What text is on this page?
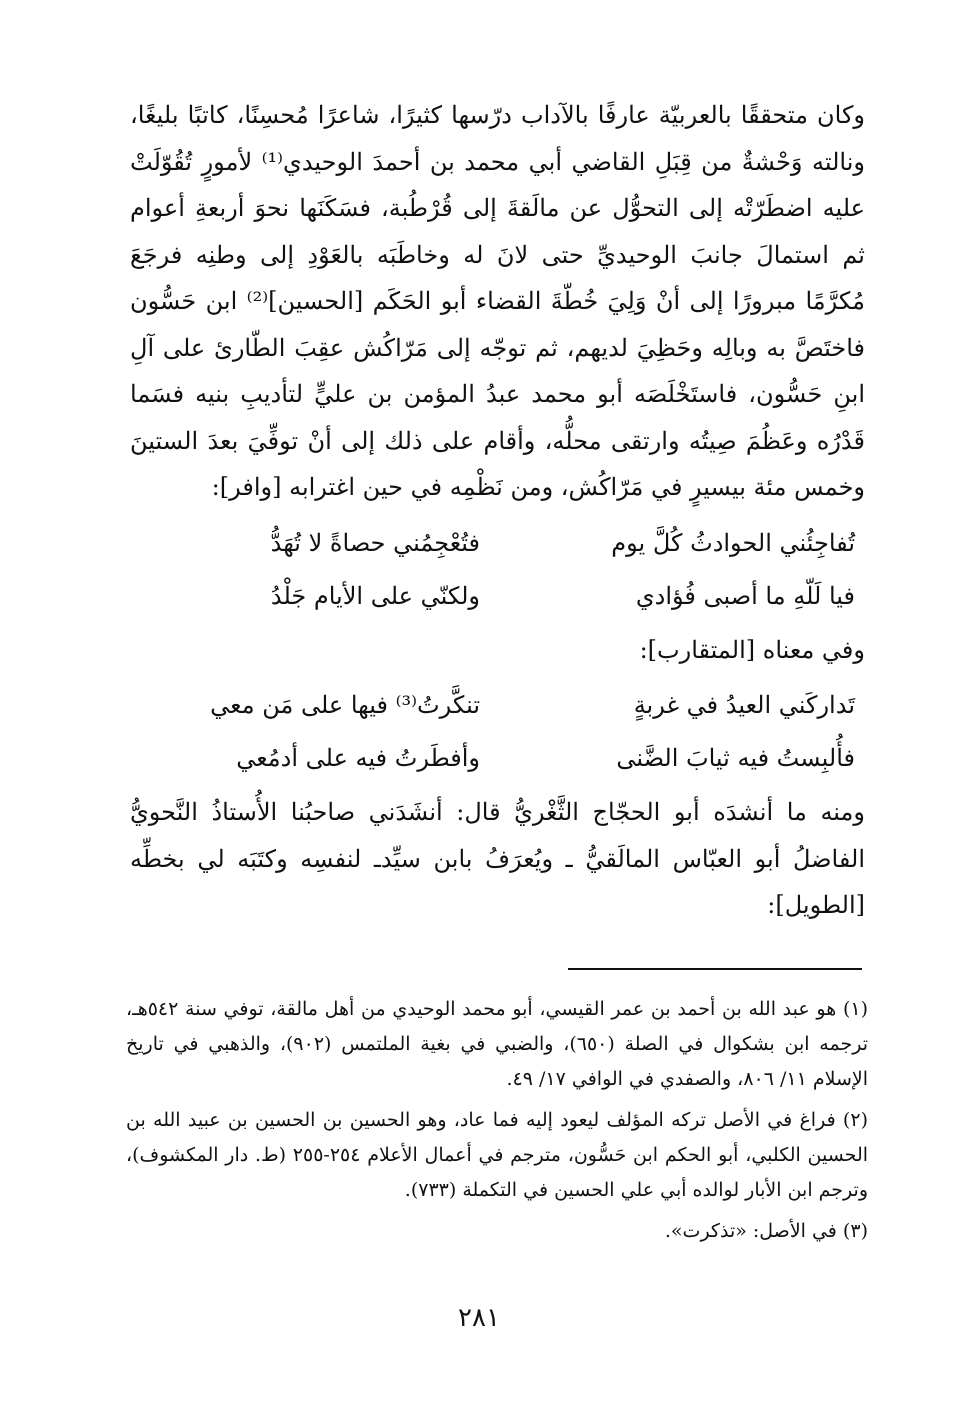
وكان متحققًا بالعربيّة عارفًا بالآداب درّسها كثيرًا، شاعرًا مُحسِنًا، كاتبًا بليغًا، ونالته وَحْشةٌ من قِبَلِ القاضي أبي محمد بن أحمدَ الوحيدي⁽¹⁾ لأمورٍ تُقُوّلَتْ عليه اضطَرّتْه إلى التحوُّل عن مالَقةَ إلى قُرْطُبة، فسَكَنَها نحوَ أربعةِ أعوام ثم استمالَ جانبَ الوحيديِّ حتى لانَ له وخاطَبَه بالعَوْدِ إلى وطنِه فرجَعَ مُكرَّمًا مبرورًا إلى أنْ وَلِيَ خُطّةَ القضاء أبو الحَكَم [الحسين]⁽²⁾ ابن حَسُّون فاختَصَّ به وبالِه وحَظِيَ لديهم، ثم توجّه إلى مَرّاكُش عقِبَ الطّارئ على آلِ ابنِ حَسُّون، فاستَخْلَصَه أبو محمد عبدُ المؤمن بن عليٍّ لتأديبِ بنيه فسَما قَدْرُه وعَظُمَ صِيتُه وارتقى محلُّه، وأقام على ذلك إلى أنْ توفِّيَ بعدَ الستينَ وخمس مئة بيسيرٍ في مَرّاكُش، ومن نَظْمِه في حين اغترابه [وافر]:

تُفاجِئُني الحوادثُ كُلَّ يوم
فتُعْجِمُني حصاةً لا تُهَدُّ
فيا لَلّهِ ما أصبى فُؤادي
ولكنّي على الأيام جَلْدُ

وفي معناه [المتقارب]:

تَداركَني العيدُ في غربةٍ
تنكَّرتُ⁽³⁾ فيها على مَن معي
فأُلبِستُ فيه ثيابَ الضَّنى
وأفطَرتُ فيه على أدمُعي

ومنه ما أنشدَه أبو الحجّاج الثَّغْريُّ قال: أنشَدَني صاحبُنا الأُستاذُ النَّحويُّ الفاضلُ أبو العبّاس المالَقيُّ ـ ويُعرَفُ بابن سيِّدـ لنفسِه وكتَبَه لي بخطِّه [الطويل]:

(١) هو عبد الله بن أحمد بن عمر القيسي، أبو محمد الوحيدي من أهل مالقة، توفي سنة ٥٤٢هـ، ترجمه ابن بشكوال في الصلة (٦٥٠)، والضبي في بغية الملتمس (٩٠٢)، والذهبي في تاريخ الإسلام ١١/ ٨٠٦، والصفدي في الوافي ١٧/ ٤٩.

(٢) فراغ في الأصل تركه المؤلف ليعود إليه فما عاد، وهو الحسين بن الحسين بن عبيد الله بن الحسين الكلبي، أبو الحكم ابن حَسُّون، مترجم في أعمال الأعلام ٢٥٤-٢٥٥ (ط. دار المكشوف)، وترجم ابن الأبار لوالده أبي علي الحسين في التكملة (٧٣٣).

(٣) في الأصل: «تذكرت».

٢٨١
